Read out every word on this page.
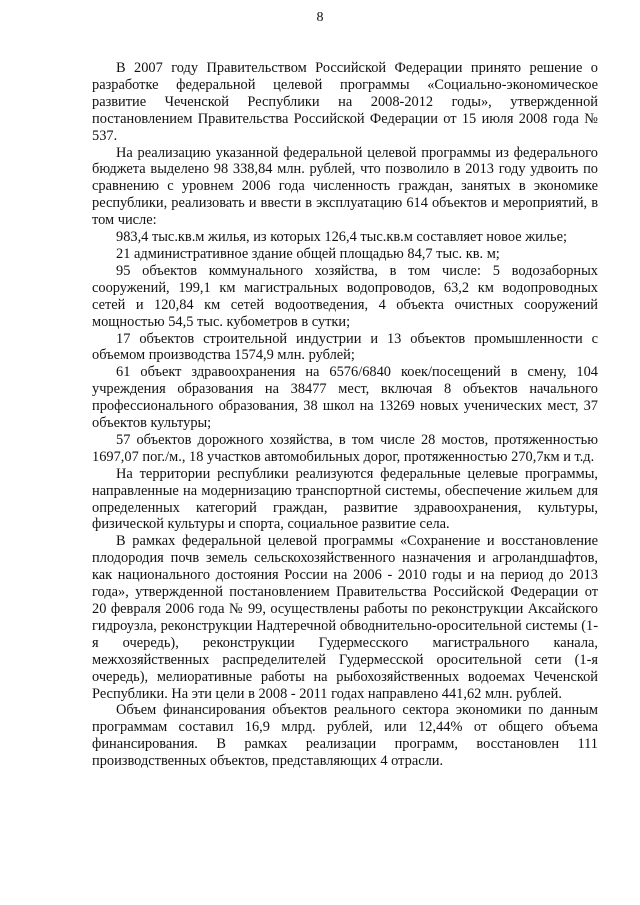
8

В 2007 году Правительством Российской Федерации принято решение о разработке федеральной целевой программы «Социально-экономическое развитие Чеченской Республики на 2008-2012 годы», утвержденной постановлением Правительства Российской Федерации от 15 июля 2008 года № 537.

На реализацию указанной федеральной целевой программы из федерального бюджета выделено 98 338,84 млн. рублей, что позволило в 2013 году удвоить по сравнению с уровнем 2006 года численность граждан, занятых в экономике республики, реализовать и ввести в эксплуатацию 614 объектов и мероприятий, в том числе:

983,4 тыс.кв.м жилья, из которых 126,4 тыс.кв.м составляет новое жилье;

21 административное здание общей площадью 84,7 тыс. кв. м;

95 объектов коммунального хозяйства, в том числе: 5 водозаборных сооружений, 199,1 км магистральных водопроводов, 63,2 км водопроводных сетей и 120,84 км сетей водоотведения, 4 объекта очистных сооружений мощностью 54,5 тыс. кубометров в сутки;

17 объектов строительной индустрии и 13 объектов промышленности с объемом производства 1574,9 млн. рублей;

61 объект здравоохранения на 6576/6840 коек/посещений в смену, 104 учреждения образования на 38477 мест, включая 8 объектов начального профессионального образования, 38 школ на 13269 новых ученических мест, 37 объектов культуры;

57 объектов дорожного хозяйства, в том числе 28 мостов, протяженностью 1697,07 пог./м., 18 участков автомобильных дорог, протяженностью 270,7км и т.д.

На территории республики реализуются федеральные целевые программы, направленные на модернизацию транспортной системы, обеспечение жильем для определенных категорий граждан, развитие здравоохранения, культуры, физической культуры и спорта, социальное развитие села.

В рамках федеральной целевой программы «Сохранение и восстановление плодородия почв земель сельскохозяйственного назначения и агроландшафтов, как национального достояния России на 2006 - 2010 годы и на период до 2013 года», утвержденной постановлением Правительства Российской Федерации от 20 февраля 2006 года № 99, осуществлены работы по реконструкции Аксайского гидроузла, реконструкции Надтеречной обводнительно-оросительной системы (1-я очередь), реконструкции Гудермесского магистрального канала, межхозяйственных распределителей Гудермесской оросительной сети (1-я очередь), мелиоративные работы на рыбохозяйственных водоемах Чеченской Республики. На эти цели в 2008 - 2011 годах направлено 441,62 млн. рублей.

Объем финансирования объектов реального сектора экономики по данным программам составил 16,9 млрд. рублей, или 12,44% от общего объема финансирования. В рамках реализации программ, восстановлен 111 производственных объектов, представляющих 4 отрасли.
